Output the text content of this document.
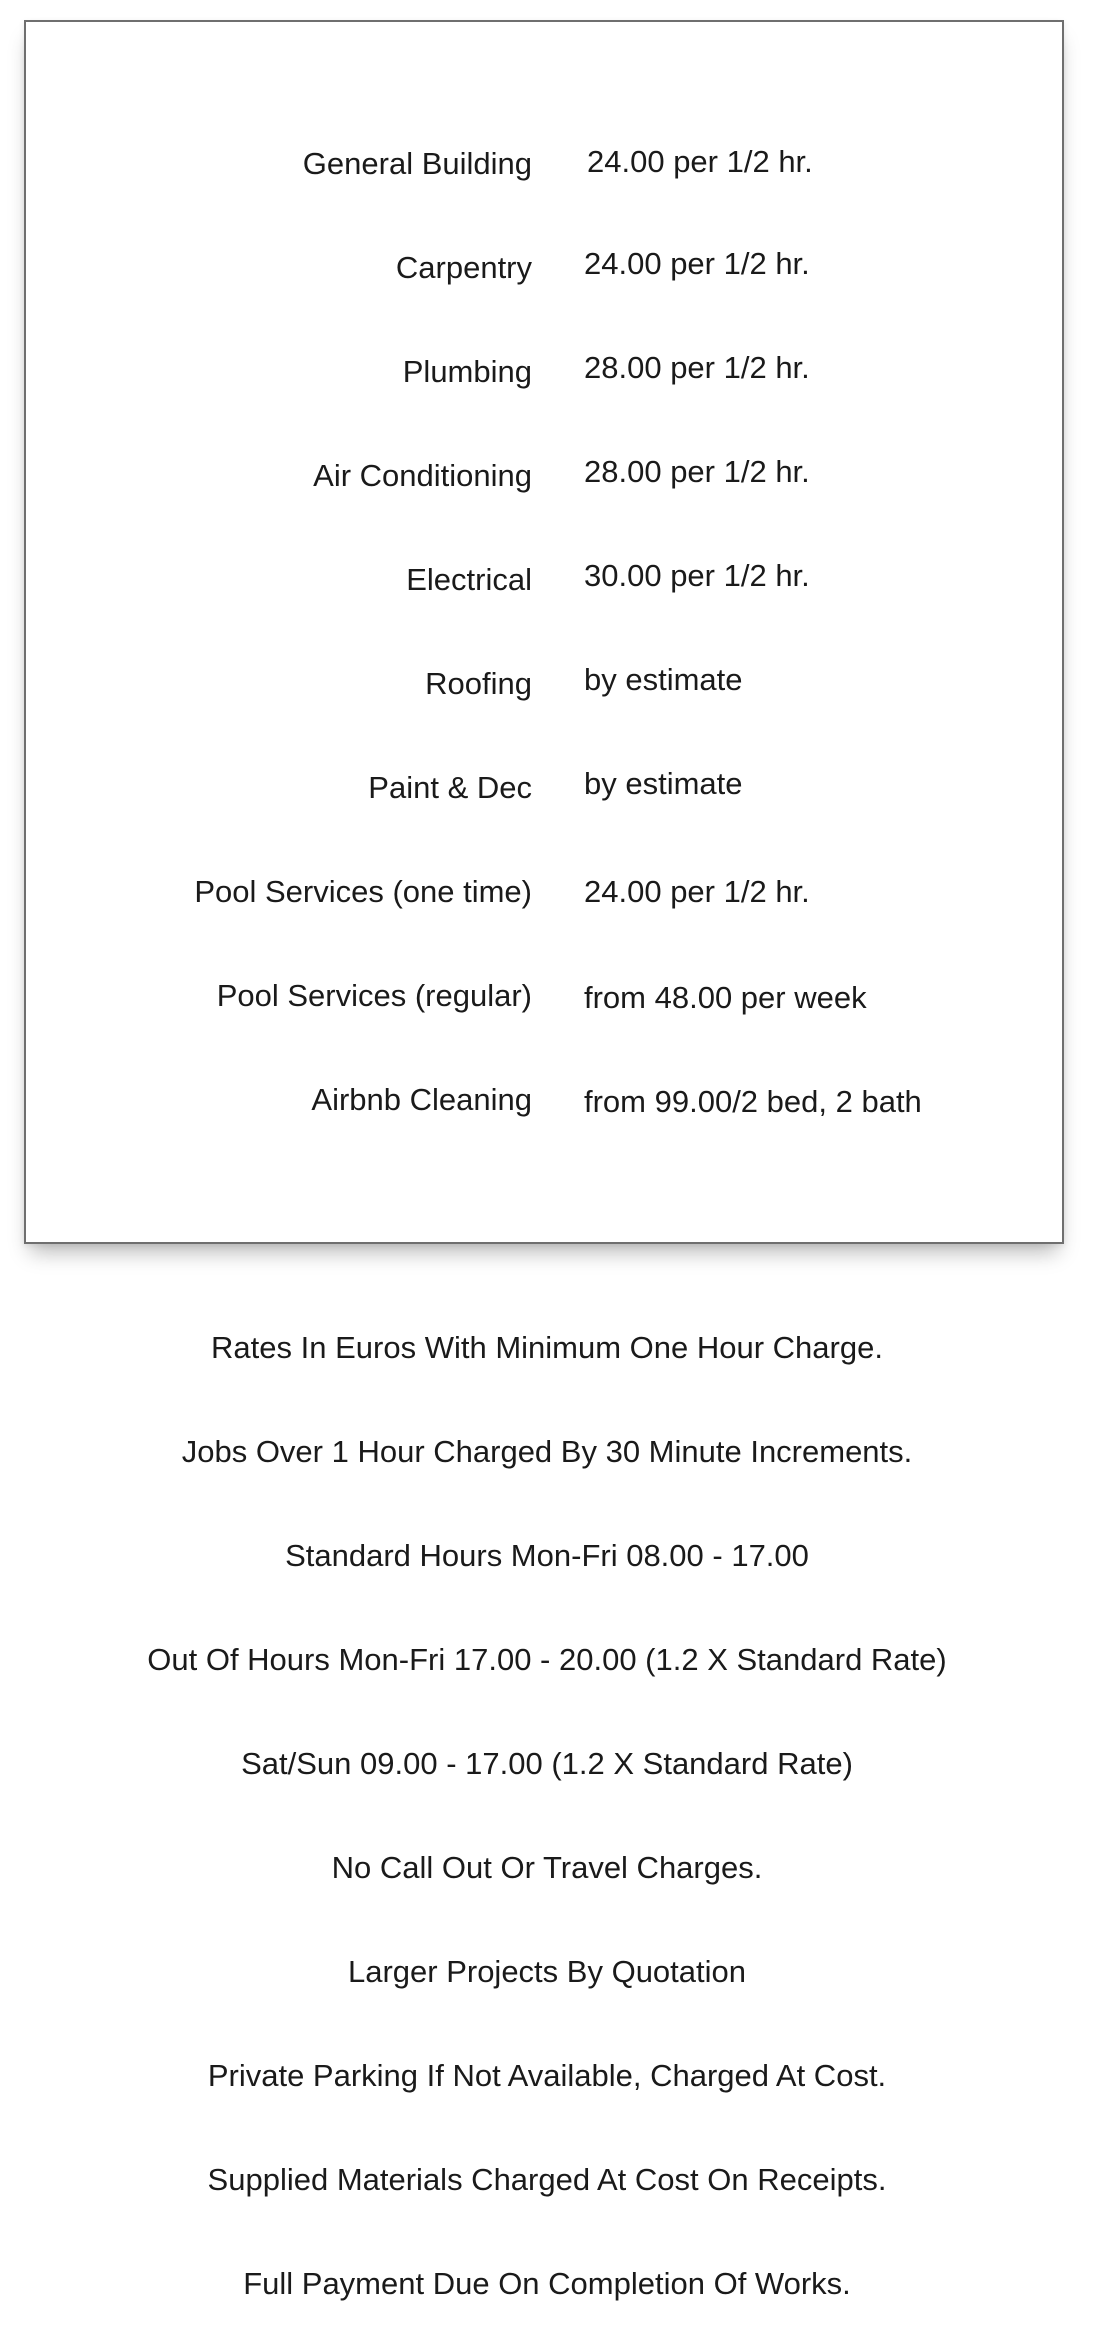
General Building 24.00 per 1/2 hr.
Carpentry 24.00 per 1/2 hr.
Plumbing 28.00 per 1/2 hr.
Air Conditioning 28.00 per 1/2 hr.
Electrical 30.00 per 1/2 hr.
Roofing by estimate
Paint & Dec by estimate
Pool Services (one time) 24.00 per 1/2 hr.
Pool Services (regular) from 48.00 per week
Airbnb Cleaning from 99.00/2 bed, 2 bath
Rates In Euros With Minimum One Hour Charge.
Jobs Over 1 Hour Charged By 30 Minute Increments.
Standard Hours Mon-Fri 08.00 - 17.00
Out Of Hours Mon-Fri 17.00 - 20.00 (1.2 X Standard Rate)
Sat/Sun 09.00 - 17.00 (1.2 X Standard Rate)
No Call Out Or Travel Charges.
Larger Projects By Quotation
Private Parking If Not Available, Charged At Cost.
Supplied Materials Charged At Cost On Receipts.
Full Payment Due On Completion Of Works.
